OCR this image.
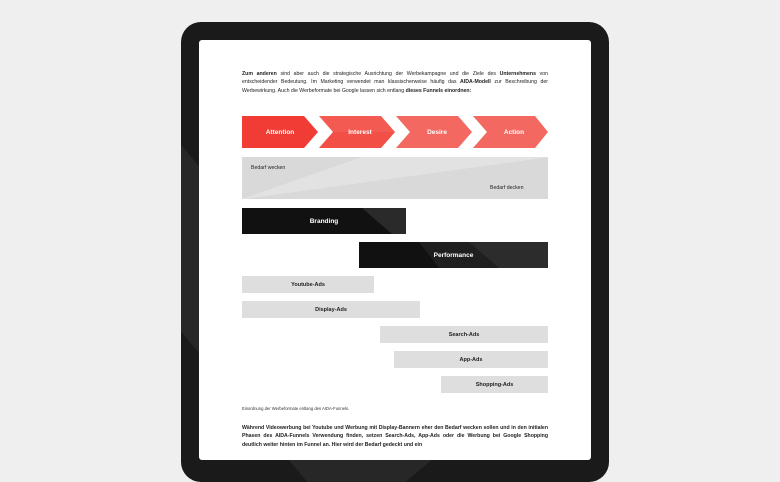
Zum anderen sind aber auch die strategische Ausrichtung der Werbekampagne und die Ziele des Unternehmens von entscheidender Bedeutung. Im Marketing verwendet man klassischerweise häufig das AIDA-Modell zur Beschreibung der Werbewirkung. Auch die Werbeformate bei Google lassen sich entlang dieses Funnels einordnen:
Attention	Interest	Desire	Action
Bedarf wecken
Bedarf decken
Branding
Performance
Youtube-Ads
Display-Ads
Search-Ads
App-Ads
Shopping-Ads
Einordnung der Werbeformate entlang des AIDA-Funnels.
Während Videowerbung bei Youtube und Werbung mit Display-Bannern eher den Bedarf wecken sollen und in den initialen Phasen des AIDA-Funnels Verwendung finden, setzen Search-Ads, App-Ads oder die Werbung bei Google Shopping deutlich weiter hinten im Funnel an. Hier wird der Bedarf gedeckt und ein
